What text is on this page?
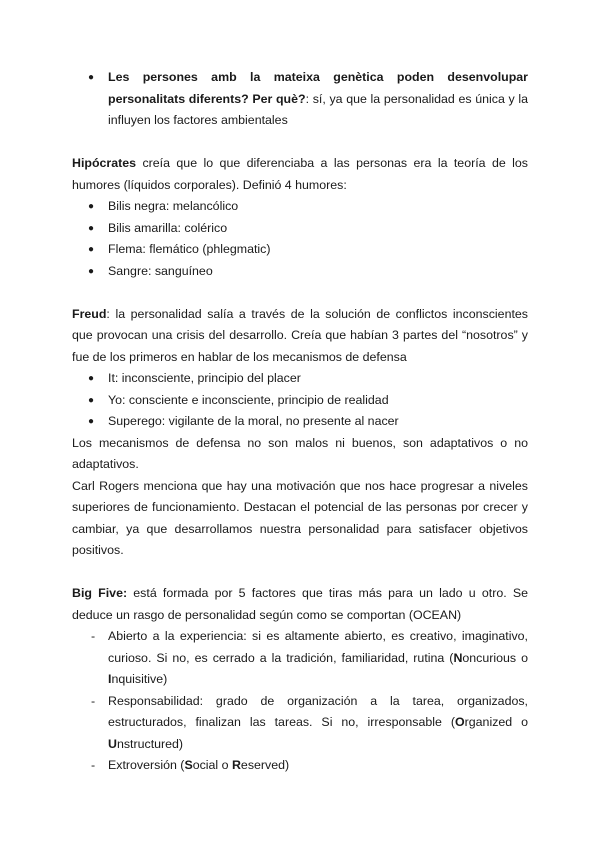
● Les persones amb la mateixa genètica poden desenvolupar personalitats diferents? Per què?: sí, ya que la personalidad es única y la influyen los factores ambientales

Hipócrates creía que lo que diferenciaba a las personas era la teoría de los humores (líquidos corporales). Definió 4 humores:

● Bilis negra: melancólico
● Bilis amarilla: colérico
● Flema: flemático (phlegmatic)
● Sangre: sanguíneo

Freud: la personalidad salía a través de la solución de conflictos inconscientes que provocan una crisis del desarrollo. Creía que habían 3 partes del “nosotros” y fue de los primeros en hablar de los mecanismos de defensa

● It: inconsciente, principio del placer
● Yo: consciente e inconsciente, principio de realidad
● Superego: vigilante de la moral, no presente al nacer

Los mecanismos de defensa no son malos ni buenos, son adaptativos o no adaptativos.

Carl Rogers menciona que hay una motivación que nos hace progresar a niveles superiores de funcionamiento. Destacan el potencial de las personas por crecer y cambiar, ya que desarrollamos nuestra personalidad para satisfacer objetivos positivos.

Big Five: está formada por 5 factores que tiras más para un lado u otro. Se deduce un rasgo de personalidad según como se comportan (OCEAN)

- Abierto a la experiencia: si es altamente abierto, es creativo, imaginativo, curioso. Si no, es cerrado a la tradición, familiaridad, rutina (Noncurious o Inquisitive)

- Responsabilidad: grado de organización a la tarea, organizados, estructurados, finalizan las tareas. Si no, irresponsable (Organized o Unstructured)

- Extroversión (Social o Reserved)
